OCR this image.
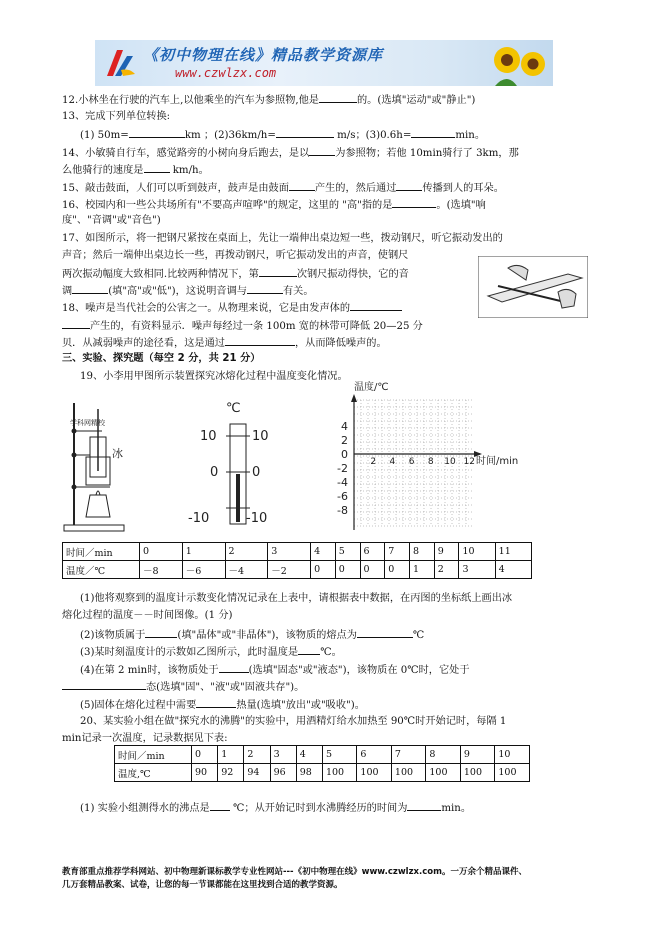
《初中物理在线》精品教学资源库
www.czwlzx.com
12.小林坐在行驶的汽车上,以他乘坐的汽车为参照物,他是	的。(选填"运动"或"静止")
13、完成下列单位转换:
(1) 50m=	km ；(2)36km/h=	m/s；(3)0.6h=	min。
14、小敏骑自行车，感觉路旁的小树向身后跑去，是以	为参照物；若他 10min骑行了 3km，那
么他骑行的速度是	km/h。
15、敲击鼓面，人们可以听到鼓声，鼓声是由鼓面	产生的，然后通过	传播到人的耳朵。
16、校园内和一些公共场所有"不要高声喧哗"的规定，这里的 "高"指的是	。(选填"响
度"、"音调"或"音色")
17、如图所示，将一把钢尺紧按在桌面上，先让一端伸出桌边短一些，拨动钢尺，听它振动发出的
声音；然后一端伸出桌边长一些，再拨动钢尺，听它振动发出的声音，使钢尺
两次振动幅度大致相同.比较两种情况下，第	次钢尺振动得快，它的音
调	(填"高"或"低")，这说明音调与	有关。
18、噪声是当代社会的公害之一。从物理来说，它是由发声体的
产生的，有资料显示．噪声每经过一条 100m 宽的林带可降低 20—25 分
贝．从减弱噪声的途径看，这是通过	，从而降低噪声的。
三、实验、探究题（每空 2 分，共 21 分）
19、小李用甲图所示装置探究冰熔化过程中温度变化情况。
学科网精校
冰
℃
10
0
-10
10
0
-10
温度/℃
时间/min
4
2
0
-2
-4
-6
-8
2 4 6 8 10 12
时间／min	0	1	2	3	4	5	6	7	8	9	10	11
温度／℃	－8	－6	－4	－2	0	0	0	0	1	2	3	4
(1)他将观察到的温度计示数变化情况记录在上表中，请根据表中数据，在丙图的坐标纸上画出冰
熔化过程的温度－－时间图像。(1 分)
(2)该物质属于	(填"晶体"或"非晶体")，该物质的熔点为	℃
(3)某时刻温度计的示数如乙图所示，此时温度是 ℃。
(4)在第 2 min时，该物质处于	(选填"固态"或"液态")，该物质在 0℃时，它处于
态(选填"固"、"液"或"固液共存")。
(5)固体在熔化过程中需要	热量(选填"放出"或"吸收")。
20、某实验小组在做"探究水的沸腾"的实验中，用酒精灯给水加热至 90℃时开始记时，每隔 1
min记录一次温度，记录数据见下表:
时间／min	0	1	2	3	4	5	6	7	8	9	10
温度,℃	90	92	94	96	98	100	100	100	100	100	100
(1) 实验小组测得水的沸点是 ℃；从开始记时到水沸腾经历的时间为	min。
教育部重点推荐学科网站、初中物理新课标教学专业性网站---《初中物理在线》www.czwlzx.com。一万余个精品课件、
几万套精品教案、试卷，让您的每一节课都能在这里找到合适的教学资源。
